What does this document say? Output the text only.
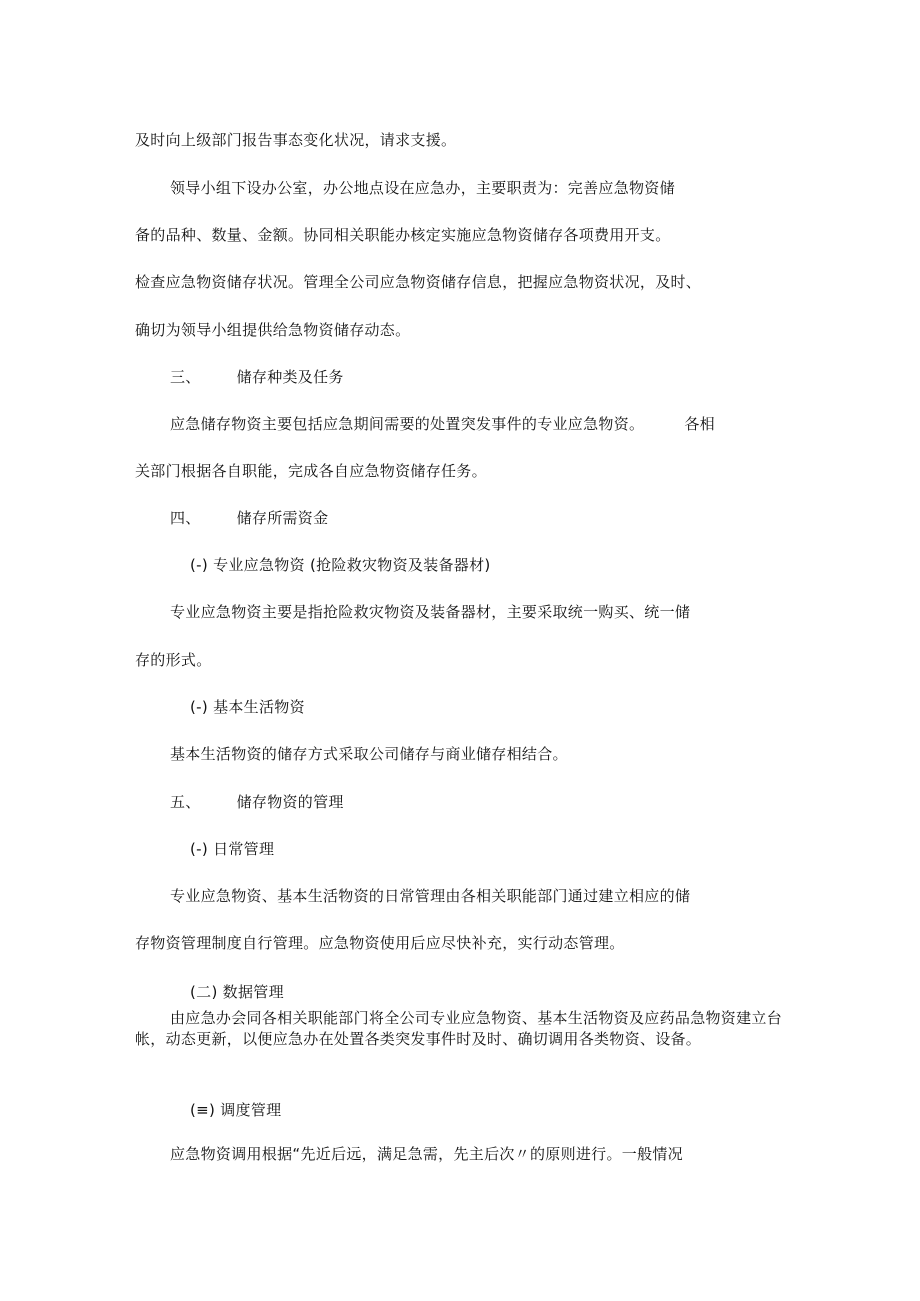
及时向上级部门报告事态变化状况，请求支援。
领导小组下设办公室，办公地点设在应急办，主要职责为：完善应急物资储
备的品种、数量、金额。协同相关职能办核定实施应急物资储存各项费用开支。
检查应急物资储存状况。管理全公司应急物资储存信息，把握应急物资状况，及时、
确切为领导小组提供给急物资储存动态。
三、 储存种类及任务
应急储存物资主要包括应急期间需要的处置突发事件的专业应急物资。	各相
关部门根据各自职能，完成各自应急物资储存任务。
四、 储存所需资金
(-) 专业应急物资 (抢险救灾物资及装备器材)
专业应急物资主要是指抢险救灾物资及装备器材，主要采取统一购买、统一储
存的形式。
(-) 基本生活物资
基本生活物资的储存方式采取公司储存与商业储存相结合。
五、 储存物资的管理
(-) 日常管理
专业应急物资、基本生活物资的日常管理由各相关职能部门通过建立相应的储
存物资管理制度自行管理。应急物资使用后应尽快补充，实行动态管理。
(二) 数据管理
由应急办会同各相关职能部门将全公司专业应急物资、基本生活物资及应药品急物资建立台帐，动态更新，以便应急办在处置各类突发事件时及时、确切调用各类物资、设备。
(≡) 调度管理
应急物资调用根据“先近后远，满足急需，先主后次〃的原则进行。一般情况
